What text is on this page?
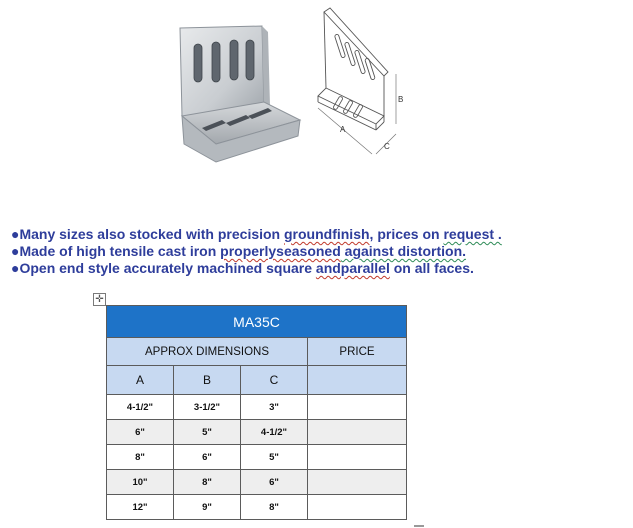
A
C
B
●Many sizes also stocked with precision groundfinish, prices on request .
●Made of high tensile cast iron properlyseasoned against distortion.
●Open end style accurately machined square andparallel on all faces.
✛
MA35C			
APPROX DIMENSIONS			PRICE
A	B	C	
4-1/2"	3-1/2"	3"	
6"	5"	4-1/2"	
8"	6"	5"	
10"	8"	6"	
12"	9"	8"	
